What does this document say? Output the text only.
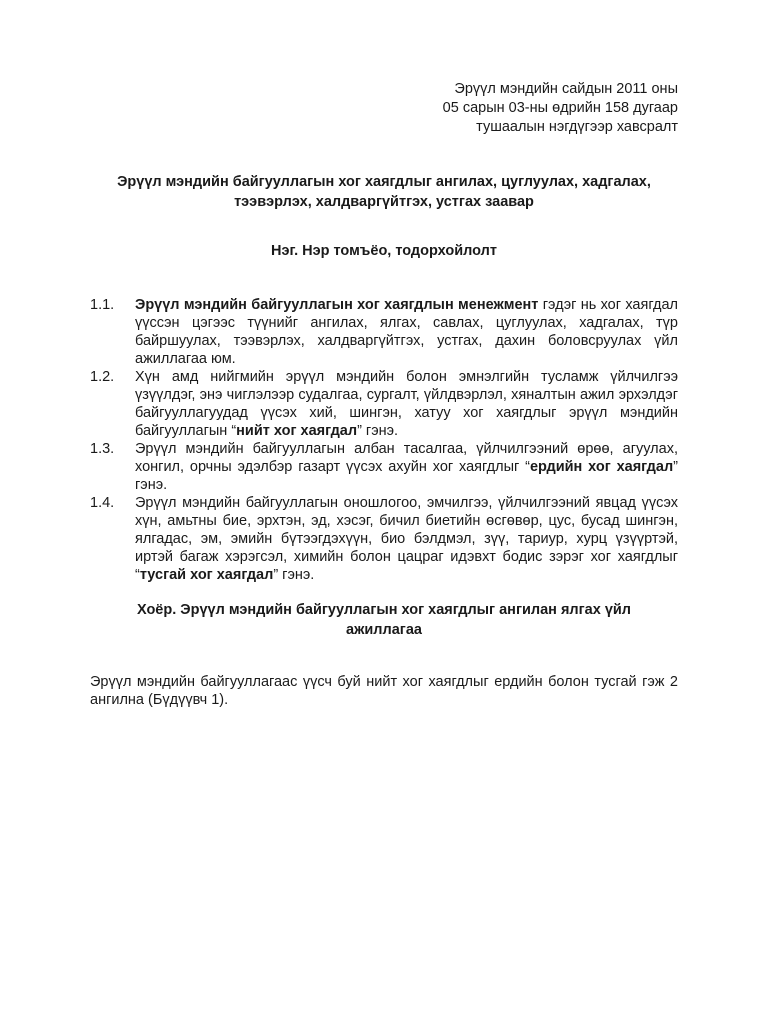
Эрүүл мэндийн сайдын 2011 оны
05 сарын 03-ны өдрийн 158 дугаар
тушаалын нэгдүгээр хавсралт
Эрүүл мэндийн байгууллагын хог хаягдлыг ангилах, цуглуулах, хадгалах,
тээвэрлэх, халдваргүйтгэх, устгах заавар
Нэг. Нэр томъёо, тодорхойлолт
1.1.	Эрүүл мэндийн байгууллагын хог хаягдлын менежмент гэдэг нь хог хаягдал үүссэн цэгээс түүнийг ангилах, ялгах, савлах, цуглуулах, хадгалах, түр байршуулах, тээвэрлэх, халдваргүйтгэх, устгах, дахин боловсруулах үйл ажиллагаа юм.
1.2.	Хүн амд нийгмийн эрүүл мэндийн болон эмнэлгийн тусламж үйлчилгээ үзүүлдэг, энэ чиглэлээр судалгаа, сургалт, үйлдвэрлэл, хяналтын ажил эрхэлдэг байгууллагуудад үүсэх хий, шингэн, хатуу хог хаягдлыг эрүүл мэндийн байгууллагын “нийт хог хаягдал” гэнэ.
1.3.	Эрүүл мэндийн байгууллагын албан тасалгаа, үйлчилгээний өрөө, агуулах, хонгил, орчны эдэлбэр газарт үүсэх ахуйн хог хаягдлыг “ердийн хог хаягдал” гэнэ.
1.4.	Эрүүл мэндийн байгууллагын оношлогоо, эмчилгээ, үйлчилгээний явцад үүсэх хүн, амьтны бие, эрхтэн, эд, хэсэг, бичил биетийн өсгөвөр, цус, бусад шингэн, ялгадас, эм, эмийн бүтээгдэхүүн, био бэлдмэл, зүү, тариур, хурц үзүүртэй, иртэй багаж хэрэгсэл, химийн болон цацраг идэвхт бодис зэрэг хог хаягдлыг “тусгай хог хаягдал” гэнэ.
Хоёр. Эрүүл мэндийн байгууллагын хог хаягдлыг ангилан ялгах үйл
ажиллагаа
Эрүүл мэндийн байгууллагаас үүсч буй нийт хог хаягдлыг ердийн болон тусгай гэж 2 ангилна (Бүдүүвч 1).
